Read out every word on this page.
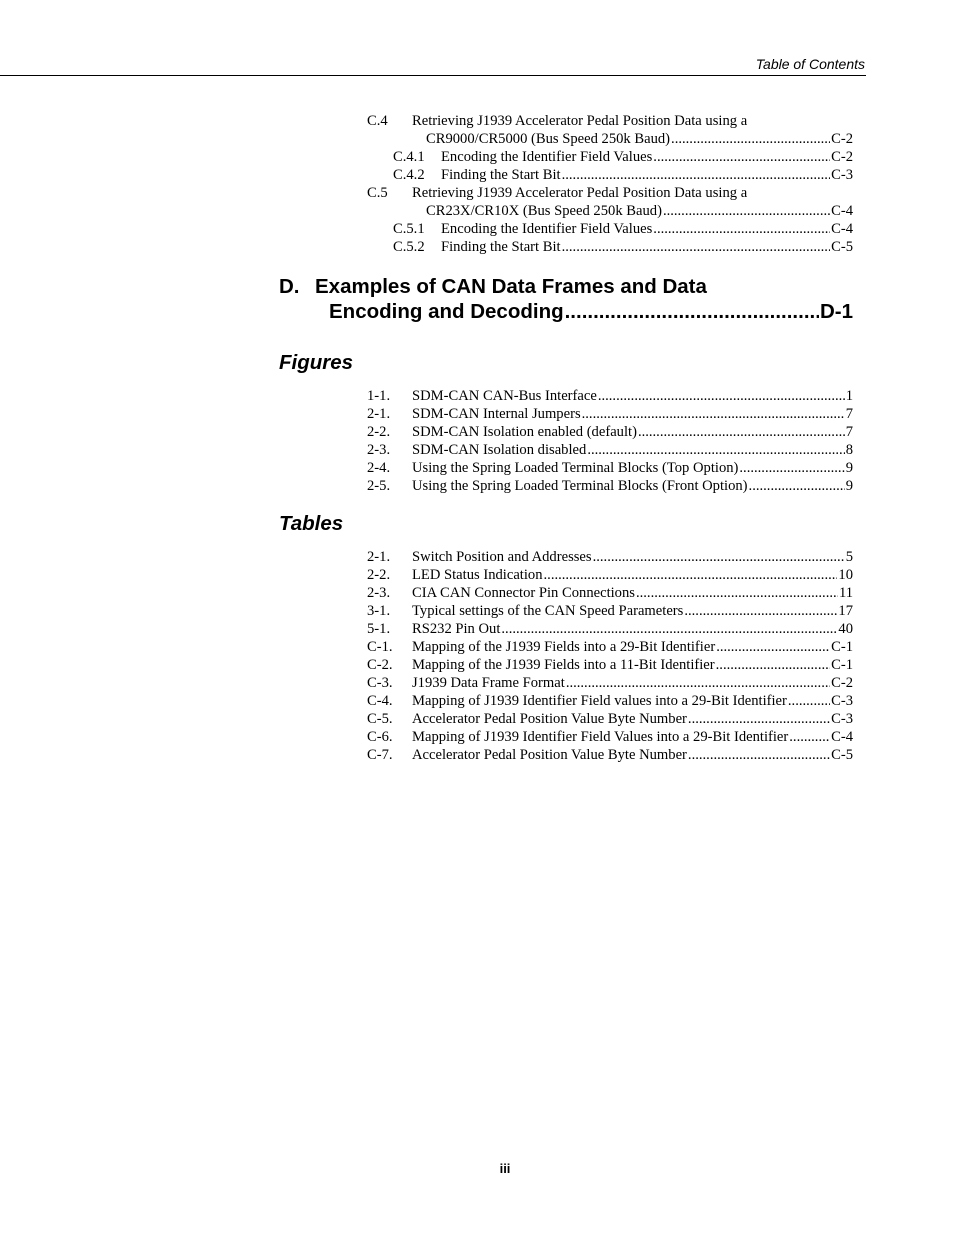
Table of Contents
C.4	Retrieving J1939 Accelerator Pedal Position Data using a
CR9000/CR5000 (Bus Speed 250k Baud) .....	C-2
C.4.1	Encoding the Identifier Field Values .....	C-2
C.4.2	Finding the Start Bit .....	C-3
C.5	Retrieving J1939 Accelerator Pedal Position Data using a
CR23X/CR10X (Bus Speed 250k Baud) .....	C-4
C.5.1	Encoding the Identifier Field Values .....	C-4
C.5.2	Finding the Start Bit .....	C-5
D. Examples of CAN Data Frames and Data
Encoding and Decoding .....	D-1
Figures
1-1.	SDM-CAN CAN-Bus Interface .....	1
2-1.	SDM-CAN Internal Jumpers .....	7
2-2.	SDM-CAN Isolation enabled (default) .....	7
2-3.	SDM-CAN Isolation disabled .....	8
2-4.	Using the Spring Loaded Terminal Blocks (Top Option) .....	9
2-5.	Using the Spring Loaded Terminal Blocks (Front Option) .....	9
Tables
2-1.	Switch Position and Addresses .....	5
2-2.	LED Status Indication .....	10
2-3.	CIA CAN Connector Pin Connections .....	11
3-1.	Typical settings of the CAN Speed Parameters .....	17
5-1.	RS232 Pin Out .....	40
C-1.	Mapping of the J1939 Fields into a 29-Bit Identifier .....	C-1
C-2.	Mapping of the J1939 Fields into a 11-Bit Identifier .....	C-1
C-3.	J1939 Data Frame Format .....	C-2
C-4.	Mapping of J1939 Identifier Field values into a 29-Bit Identifier .....	C-3
C-5.	Accelerator Pedal Position Value Byte Number .....	C-3
C-6.	Mapping of J1939 Identifier Field Values into a 29-Bit Identifier .....	C-4
C-7.	Accelerator Pedal Position Value Byte Number .....	C-5
iii
